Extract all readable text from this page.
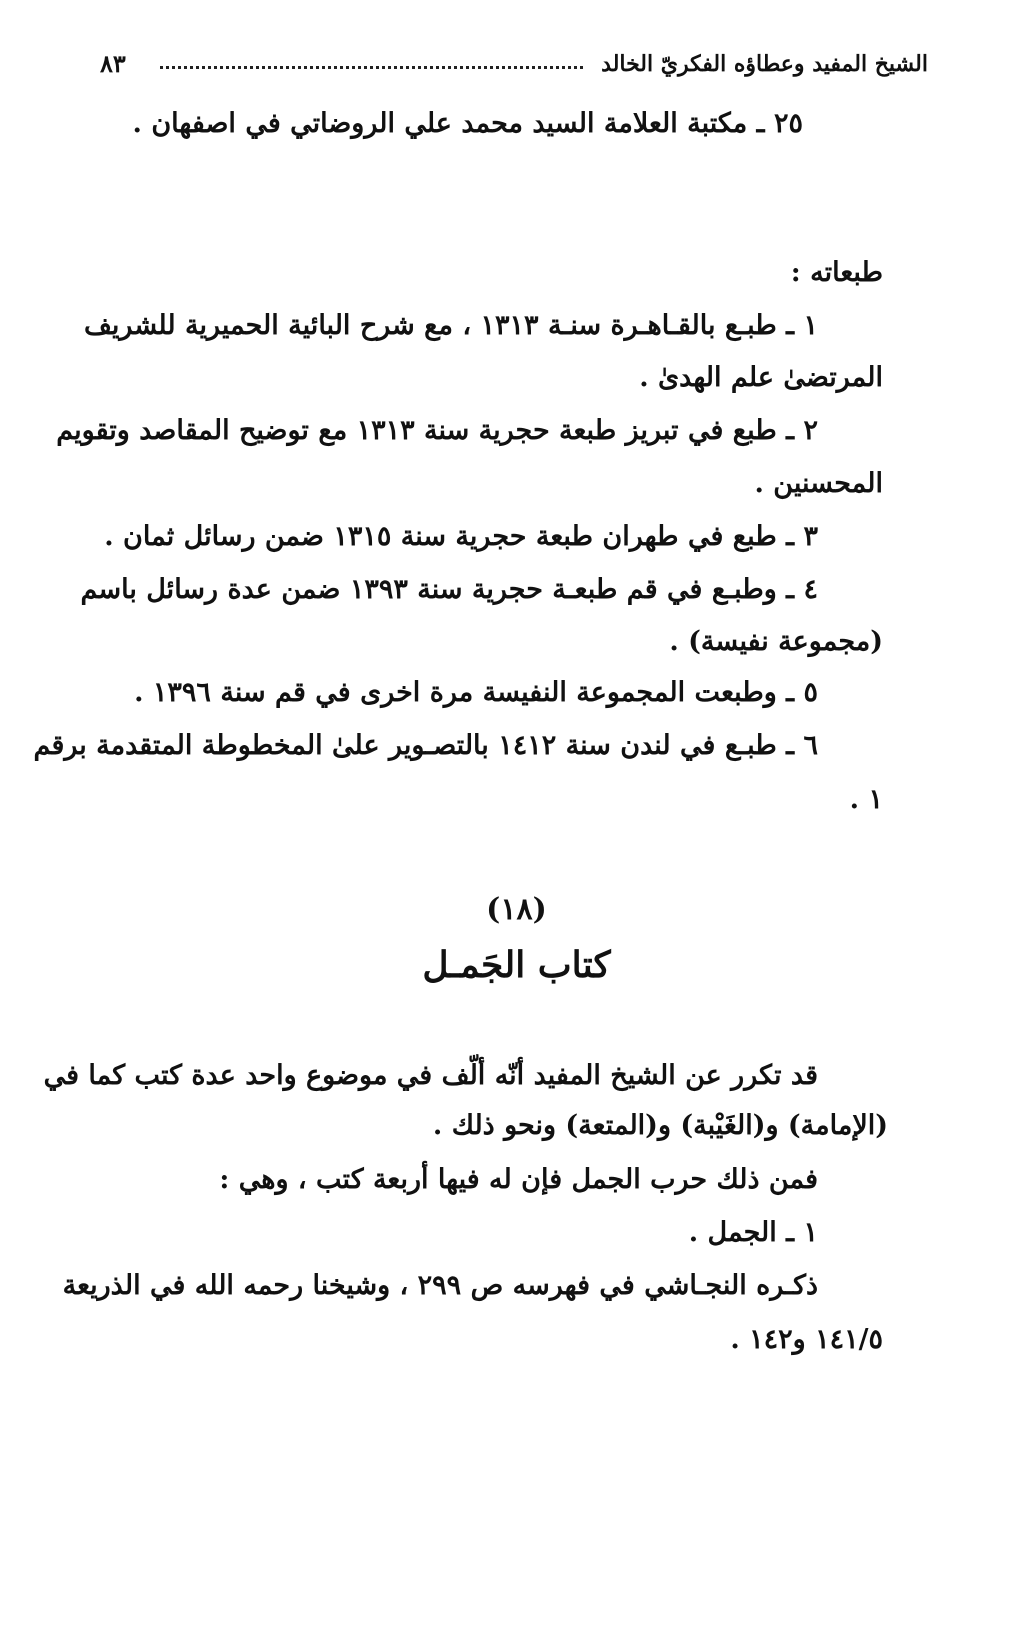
الشيخ المفيد وعطاؤه الفكريّ الخالد
٨٣
٢٥ ـ مكتبة العلامة السيد محمد علي الروضاتي في اصفهان .
طبعاته :
١ ـ طبـع بالقـاهـرة سنـة ١٣١٣ ، مع شرح البائية الحميرية للشريف
المرتضىٰ علم الهدىٰ .
٢ ـ طبع في تبريز طبعة حجرية سنة ١٣١٣ مع توضيح المقاصد وتقويم
المحسنين .
٣ ـ طبع في طهران طبعة حجرية سنة ١٣١٥ ضمن رسائل ثمان .
٤ ـ وطبـع في قم طبعـة حجرية سنة ١٣٩٣ ضمن عدة رسائل باسم
(مجموعة نفيسة) .
٥ ـ وطبعت المجموعة النفيسة مرة اخرى في قم سنة ١٣٩٦ .
٦ ـ طبـع في لندن سنة ١٤١٢ بالتصـوير علىٰ المخطوطة المتقدمة برقم
١ .
(١٨)
كتاب الجَمـل
قد تكرر عن الشيخ المفيد أنّه ألّف في موضوع واحد عدة كتب كما في
(الإمامة) و(الغَيْبة) و(المتعة) ونحو ذلك .
فمن ذلك حرب الجمل فإن له فيها أربعة كتب ، وهي :
١ ـ الجمل .
ذكـره النجـاشي في فهرسه ص ٢٩٩ ، وشيخنا رحمه الله في الذريعة
١٤١/٥ و١٤٢ .
